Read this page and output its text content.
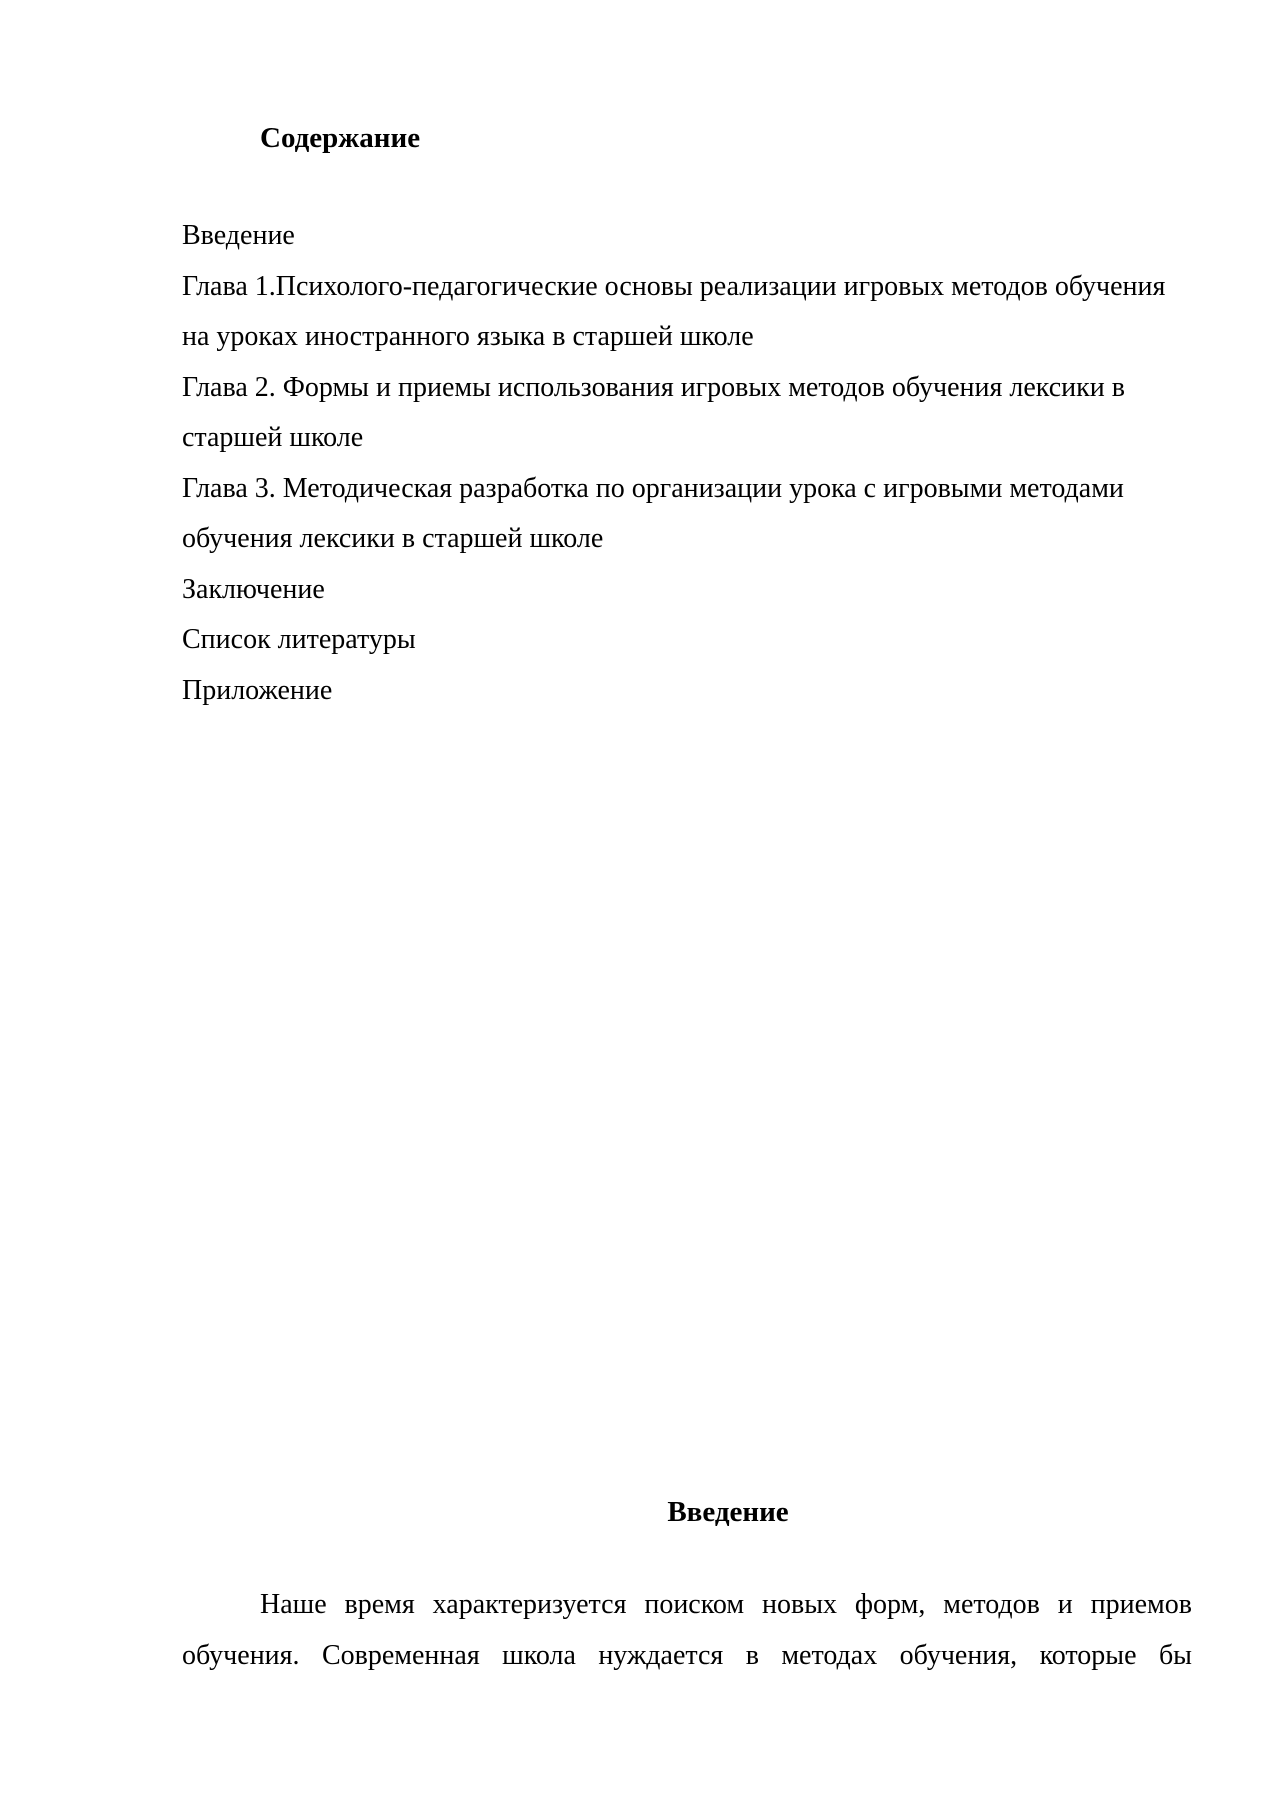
Содержание
Введение
Глава 1.Психолого-педагогические основы реализации игровых методов обучения на уроках иностранного языка в старшей школе
Глава 2. Формы и приемы использования игровых методов обучения лексики в старшей школе
Глава 3. Методическая разработка по организации урока с игровыми методами обучения лексики в старшей школе
Заключение
Список литературы
Приложение
Введение

Наше время характеризуется поиском новых форм, методов и приемов обучения. Современная школа нуждается в методах обучения, которые бы
